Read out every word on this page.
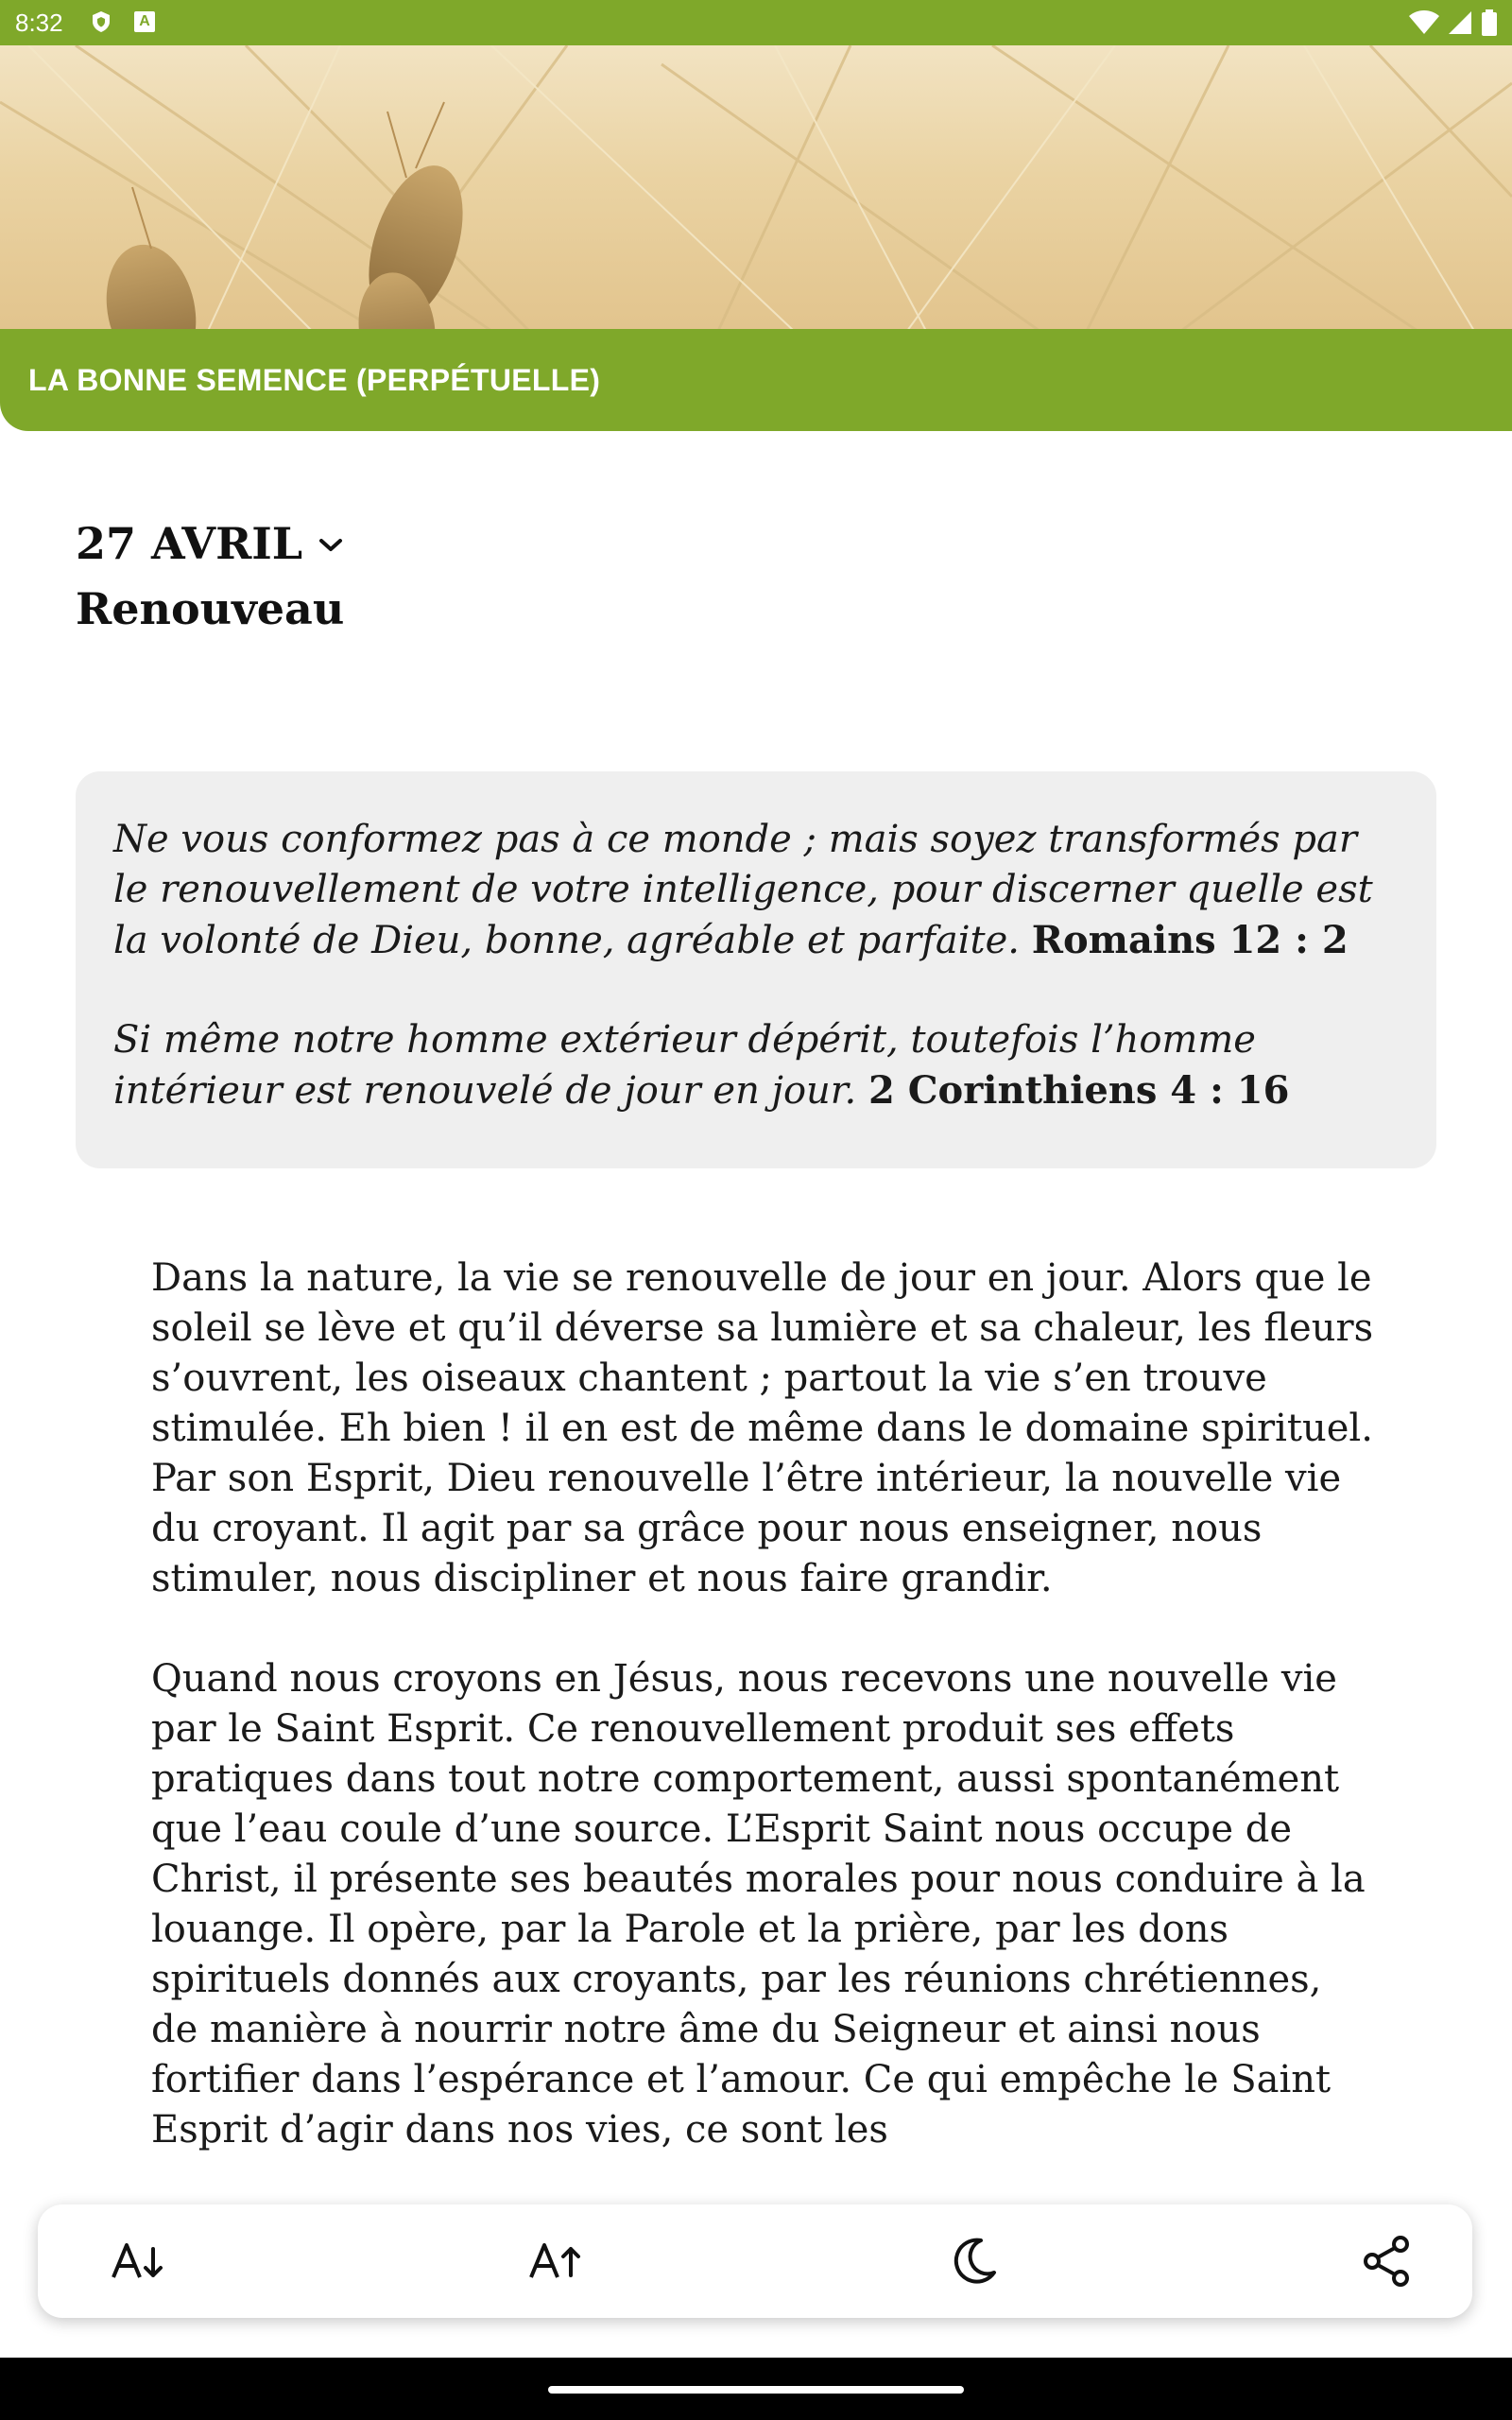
8:32	A

LA BONNE SEMENCE (PERPÉTUELLE)
27 AVRIL
Renouveau

Ne vous conformez pas à ce monde ; mais soyez transformés par le renouvellement de votre intelligence, pour discerner quelle est la volonté de Dieu, bonne, agréable et parfaite. Romains 12 : 2

Si même notre homme extérieur dépérit, toutefois l’homme intérieur est renouvelé de jour en jour. 2 Corinthiens 4 : 16

Dans la nature, la vie se renouvelle de jour en jour. Alors que le soleil se lève et qu’il déverse sa lumière et sa chaleur, les fleurs s’ouvrent, les oiseaux chantent ; partout la vie s’en trouve stimulée. Eh bien ! il en est de même dans le domaine spirituel. Par son Esprit, Dieu renouvelle l’être intérieur, la nouvelle vie du croyant. Il agit par sa grâce pour nous enseigner, nous stimuler, nous discipliner et nous faire grandir.

Quand nous croyons en Jésus, nous recevons une nouvelle vie par le Saint Esprit. Ce renouvellement produit ses effets pratiques dans tout notre comportement, aussi spontanément que l’eau coule d’une source. L’Esprit Saint nous occupe de Christ, il présente ses beautés morales pour nous conduire à la louange. Il opère, par la Parole et la prière, par les dons spirituels donnés aux croyants, par les réunions chrétiennes, de manière à nourrir notre âme du Seigneur et ainsi nous fortifier dans l’espérance et l’amour. Ce qui empêche le Saint Esprit d’agir dans nos vies, ce sont les
